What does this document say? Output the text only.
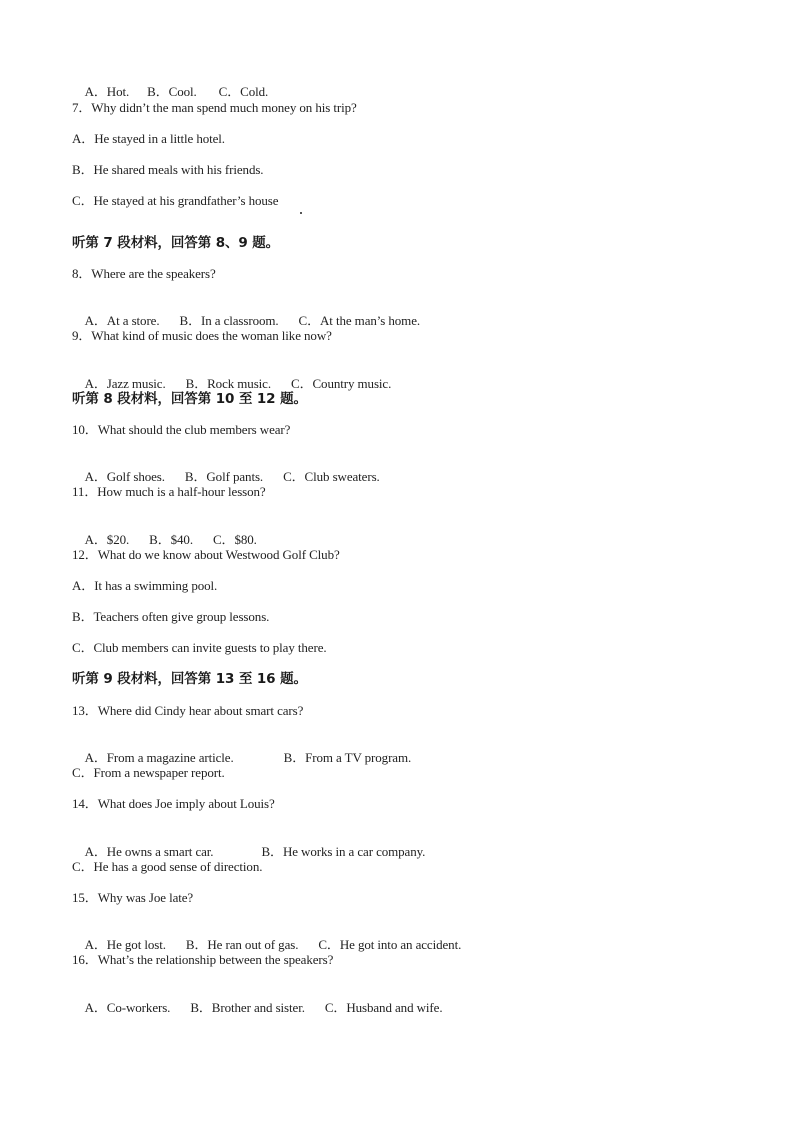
A．Hot. B．Cool. C．Cold.

7．Why didn’t the man spend much money on his trip?
A．He stayed in a little hotel.
B．He shared meals with his friends.
C．He stayed at his grandfather’s house
听第 7 段材料，回答第 8、9 题。
8．Where are the speakers?

A．At a store. B．In a classroom. C．At the man’s home.

9．What kind of music does the woman like now?

A．Jazz music. B．Rock music. C．Country music.

听第 8 段材料，回答第 10 至 12 题。
10．What should the club members wear?

A．Golf shoes. B．Golf pants. C．Club sweaters.

11．How much is a half-hour lesson?

A．$20. B．$40. C．$80.

12．What do we know about Westwood Golf Club?
A．It has a swimming pool.
B．Teachers often give group lessons.
C．Club members can invite guests to play there.
听第 9 段材料，回答第 13 至 16 题。
13．Where did Cindy hear about smart cars?

A．From a magazine article.	B．From a TV program.

C．From a newspaper report.
14．What does Joe imply about Louis?

A．He owns a smart car.	B．He works in a car company.

C．He has a good sense of direction.
15．Why was Joe late?

A．He got lost. B．He ran out of gas. C．He got into an accident.

16．What’s the relationship between the speakers?

A．Co-workers. B．Brother and sister. C．Husband and wife.
